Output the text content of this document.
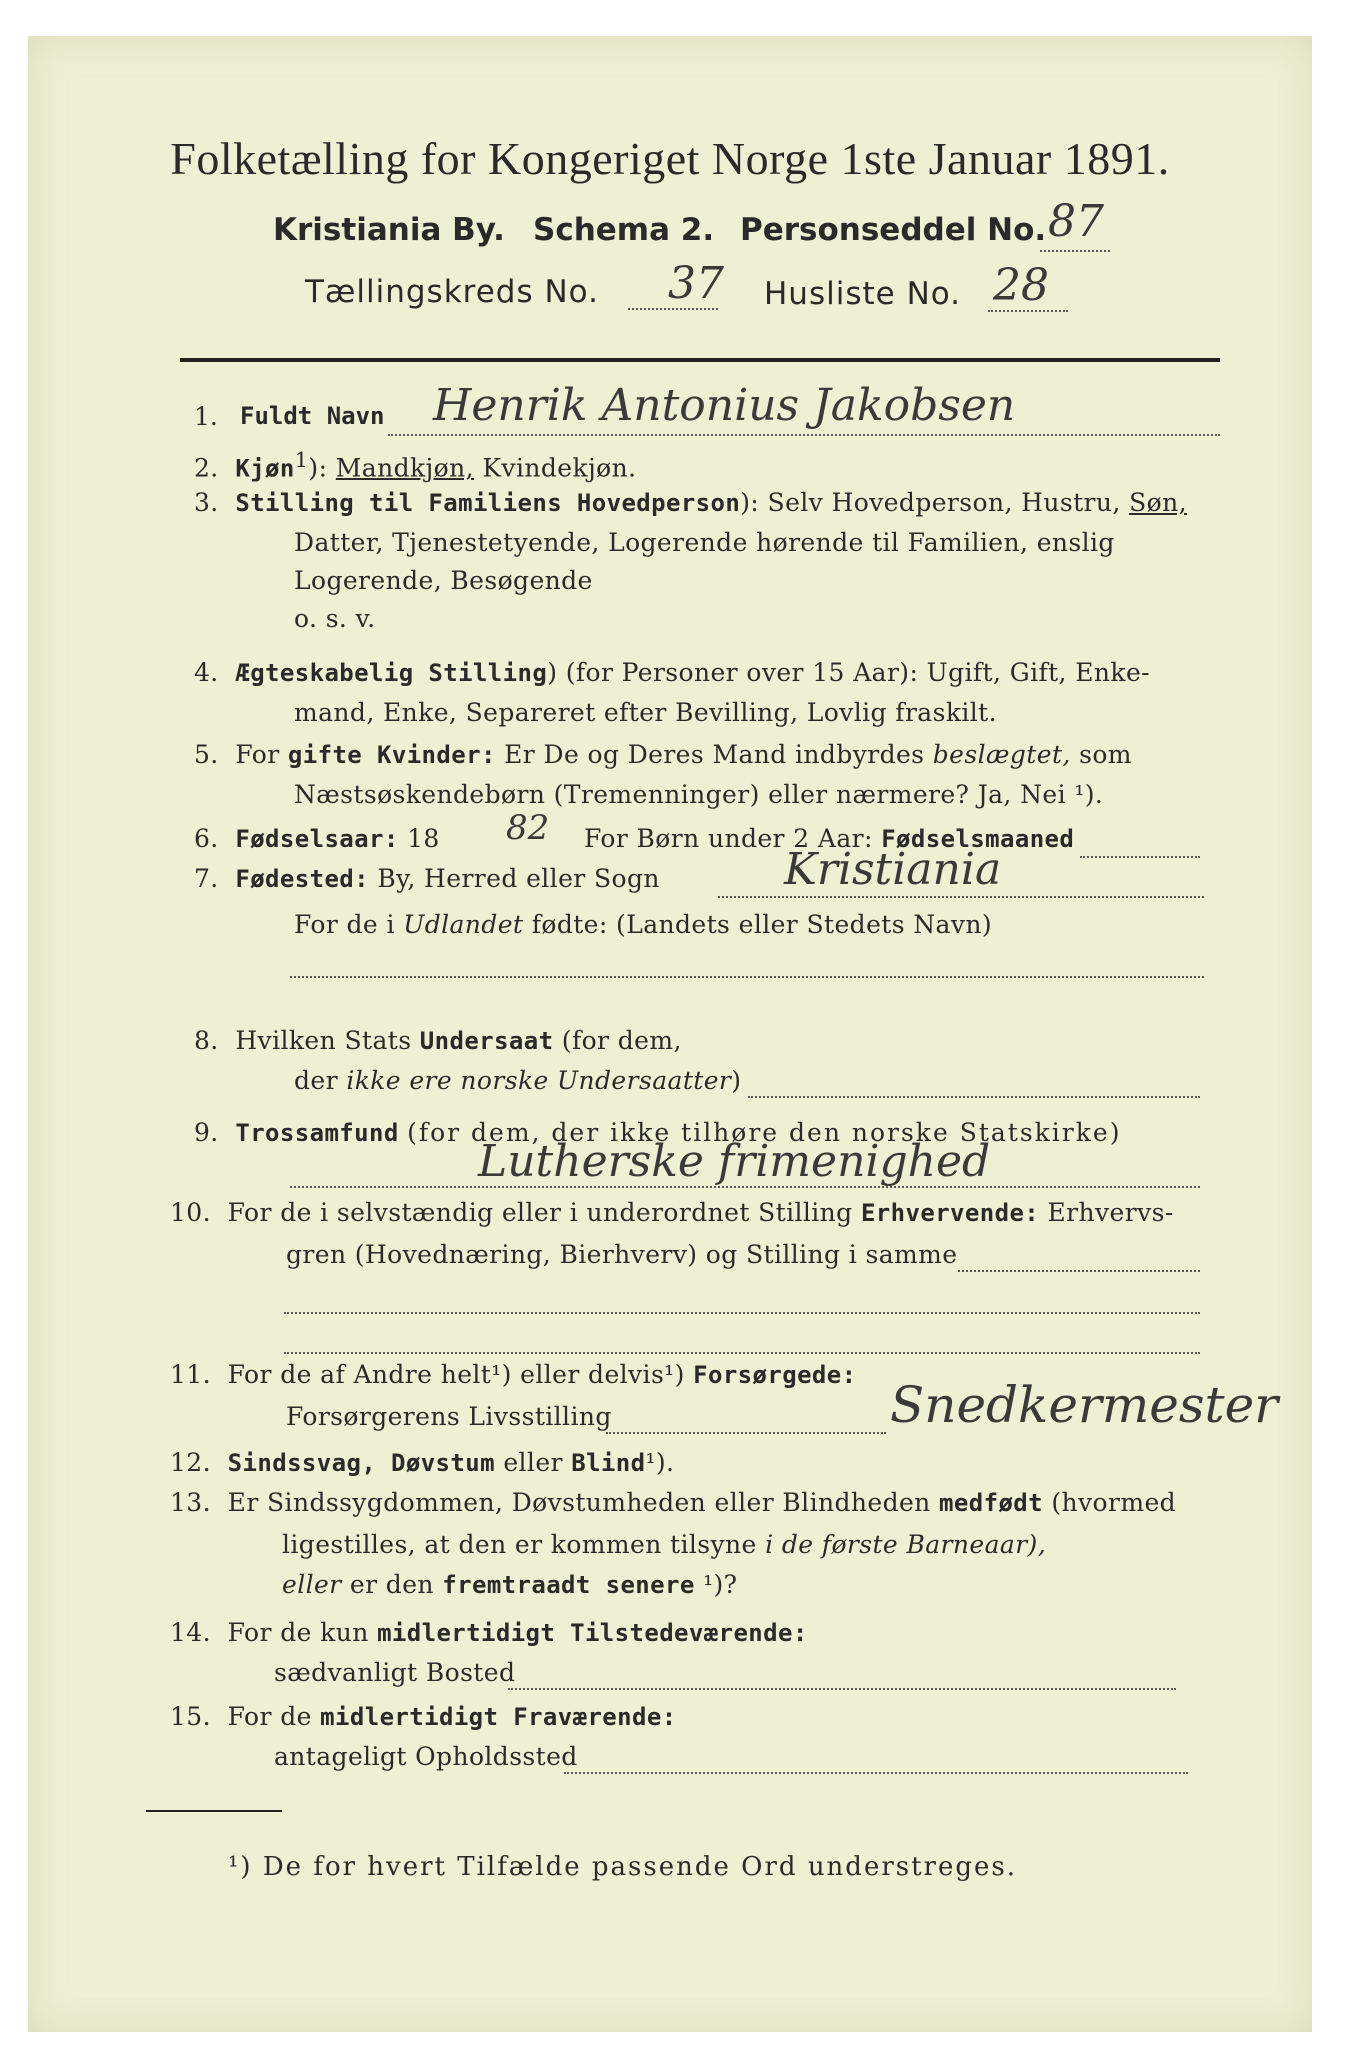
Folketælling for Kongeriget Norge 1ste Januar 1891.
Kristiania By. Schema 2. Personseddel No. 87
Tællingskreds No. 37 Husliste No. 28
1. Fuldt Navn Henrik Antonius Jakobsen
2. Kjøn$^1$): Mandkjøn, Kvindekjøn.
3. Stilling til Familiens Hovedperson): Selv Hovedperson, Hustru, Søn,
Datter, Tjenestetyende, Logerende hørende til Familien, enslig
Logerende, Besøgende
o. s. v.
4. Ægteskabelig Stilling) (for Personer over 15 Aar): Ugift, Gift, Enke-
mand, Enke, Separeret efter Bevilling, Lovlig fraskilt.
5. For gifte Kvinder: Er De og Deres Mand indbyrdes beslægtet, som
Næstsøskendebørn (Tremenninger) eller nærmere? Ja, Nei ¹).
6. Fødselsaar: 18 82 For Børn under 2 Aar: Fødselsmaaned
7. Fødested: By, Herred eller Sogn	Kristiania
For de i Udlandet fødte: (Landets eller Stedets Navn)
8. Hvilken Stats Undersaat (for dem,
der ikke ere norske Undersaatter)
9. Trossamfund (for dem, der ikke tilhøre den norske Statskirke)
Lutherske frimenighed
10. For de i selvstændig eller i underordnet Stilling Erhvervende: Erhvervs-
gren (Hovednæring, Bierhverv) og Stilling i samme
11. For de af Andre helt¹) eller delvis¹) Forsørgede:
Forsørgerens Livsstilling	Snedkermester
12. Sindssvag, Døvstum eller Blind¹).
13. Er Sindssygdommen, Døvstumheden eller Blindheden medfødt (hvormed
ligestilles, at den er kommen tilsyne i de første Barneaar),
eller er den fremtraadt senere ¹)?
14. For de kun midlertidigt Tilstedeværende:
sædvanligt Bosted
15. For de midlertidigt Fraværende:
antageligt Opholdssted
¹) De for hvert Tilfælde passende Ord understreges.
